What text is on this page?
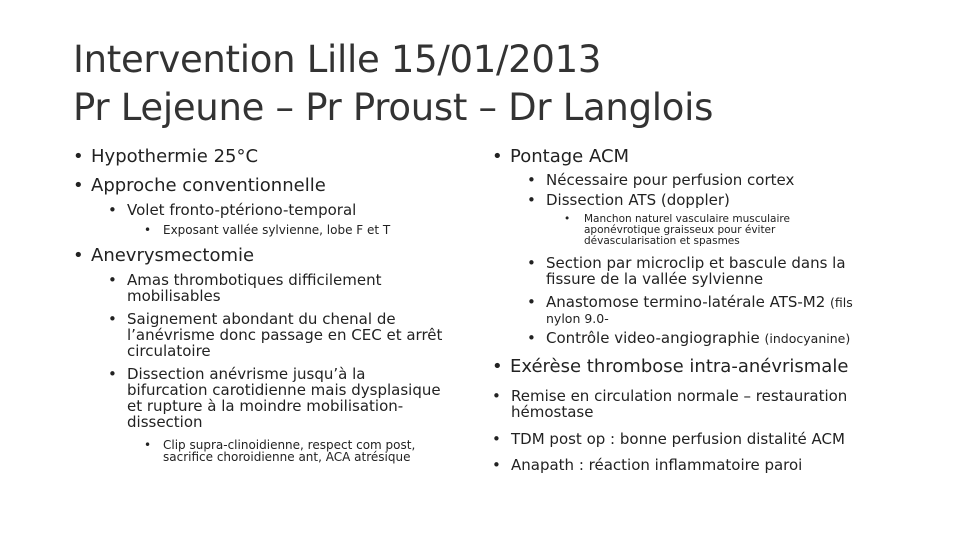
Intervention Lille 15/01/2013
Pr Lejeune – Pr Proust – Dr Langlois
• Hypothermie 25°C
• Approche conventionnelle
• Volet fronto-ptériono-temporal
• Exposant vallée sylvienne, lobe F et T
• Anevrysmectomie
• Amas thrombotiques difficilement
mobilisables
• Saignement abondant du chenal de
l’anévrisme donc passage en CEC et arrêt
circulatoire
• Dissection anévrisme jusqu’à la
bifurcation carotidienne mais dysplasique
et rupture à la moindre mobilisation-
dissection
• Clip supra-clinoidienne, respect com post,
sacrifice choroidienne ant, ACA atrésique
• Pontage ACM
• Nécessaire pour perfusion cortex
• Dissection ATS (doppler)
• Manchon naturel vasculaire musculaire
aponévrotique graisseux pour éviter
dévascularisation et spasmes
• Section par microclip et bascule dans la
fissure de la vallée sylvienne
• Anastomose termino-latérale ATS-M2 (fils
nylon 9.0-
• Contrôle video-angiographie (indocyanine)
• Exérèse thrombose intra-anévrismale
• Remise en circulation normale – restauration
hémostase
• TDM post op : bonne perfusion distalité ACM
• Anapath : réaction inflammatoire paroi
